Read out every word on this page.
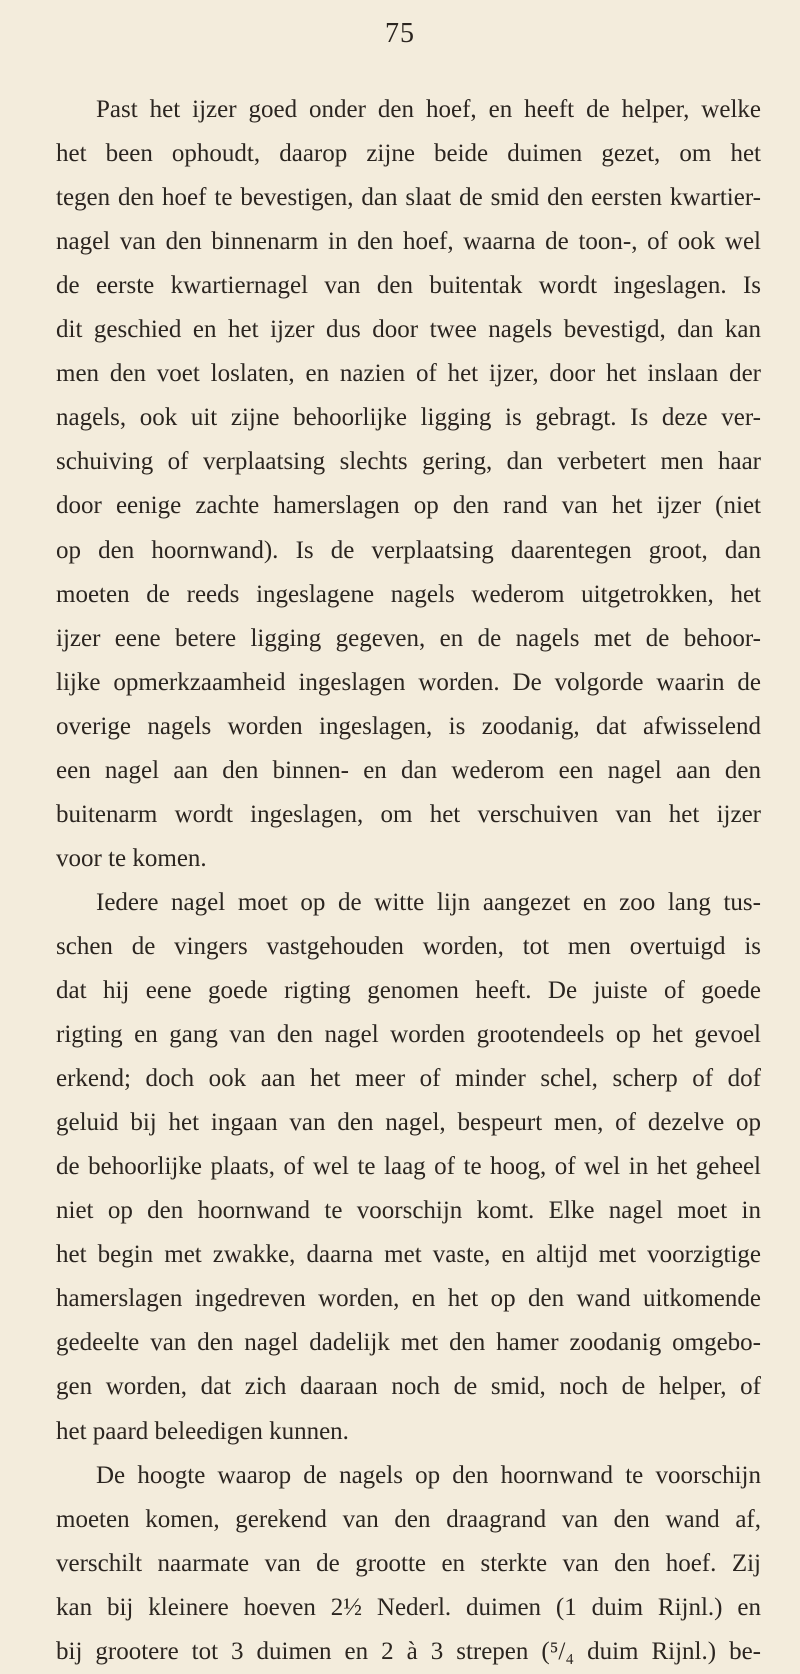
75
Past het ijzer goed onder den hoef, en heeft de helper, welke
het been ophoudt, daarop zijne beide duimen gezet, om het
tegen den hoef te bevestigen, dan slaat de smid den eersten kwartier-
nagel van den binnenarm in den hoef, waarna de toon-, of ook wel
de eerste kwartiernagel van den buitentak wordt ingeslagen. Is
dit geschied en het ijzer dus door twee nagels bevestigd, dan kan
men den voet loslaten, en nazien of het ijzer, door het inslaan der
nagels, ook uit zijne behoorlijke ligging is gebragt. Is deze ver-
schuiving of verplaatsing slechts gering, dan verbetert men haar
door eenige zachte hamerslagen op den rand van het ijzer (niet
op den hoornwand). Is de verplaatsing daarentegen groot, dan
moeten de reeds ingeslagene nagels wederom uitgetrokken, het
ijzer eene betere ligging gegeven, en de nagels met de behoor-
lijke opmerkzaamheid ingeslagen worden. De volgorde waarin de
overige nagels worden ingeslagen, is zoodanig, dat afwisselend
een nagel aan den binnen- en dan wederom een nagel aan den
buitenarm wordt ingeslagen, om het verschuiven van het ijzer
voor te komen.
Iedere nagel moet op de witte lijn aangezet en zoo lang tus-
schen de vingers vastgehouden worden, tot men overtuigd is
dat hij eene goede rigting genomen heeft. De juiste of goede
rigting en gang van den nagel worden grootendeels op het gevoel
erkend; doch ook aan het meer of minder schel, scherp of dof
geluid bij het ingaan van den nagel, bespeurt men, of dezelve op
de behoorlijke plaats, of wel te laag of te hoog, of wel in het geheel
niet op den hoornwand te voorschijn komt. Elke nagel moet in
het begin met zwakke, daarna met vaste, en altijd met voorzigtige
hamerslagen ingedreven worden, en het op den wand uitkomende
gedeelte van den nagel dadelijk met den hamer zoodanig omgebo-
gen worden, dat zich daaraan noch de smid, noch de helper, of
het paard beleedigen kunnen.
De hoogte waarop de nagels op den hoornwand te voorschijn
moeten komen, gerekend van den draagrand van den wand af,
verschilt naarmate van de grootte en sterkte van den hoef. Zij
kan bij kleinere hoeven 2½ Nederl. duimen (1 duim Rijnl.) en
bij grootere tot 3 duimen en 2 à 3 strepen (⁵/₄ duim Rijnl.) be-
